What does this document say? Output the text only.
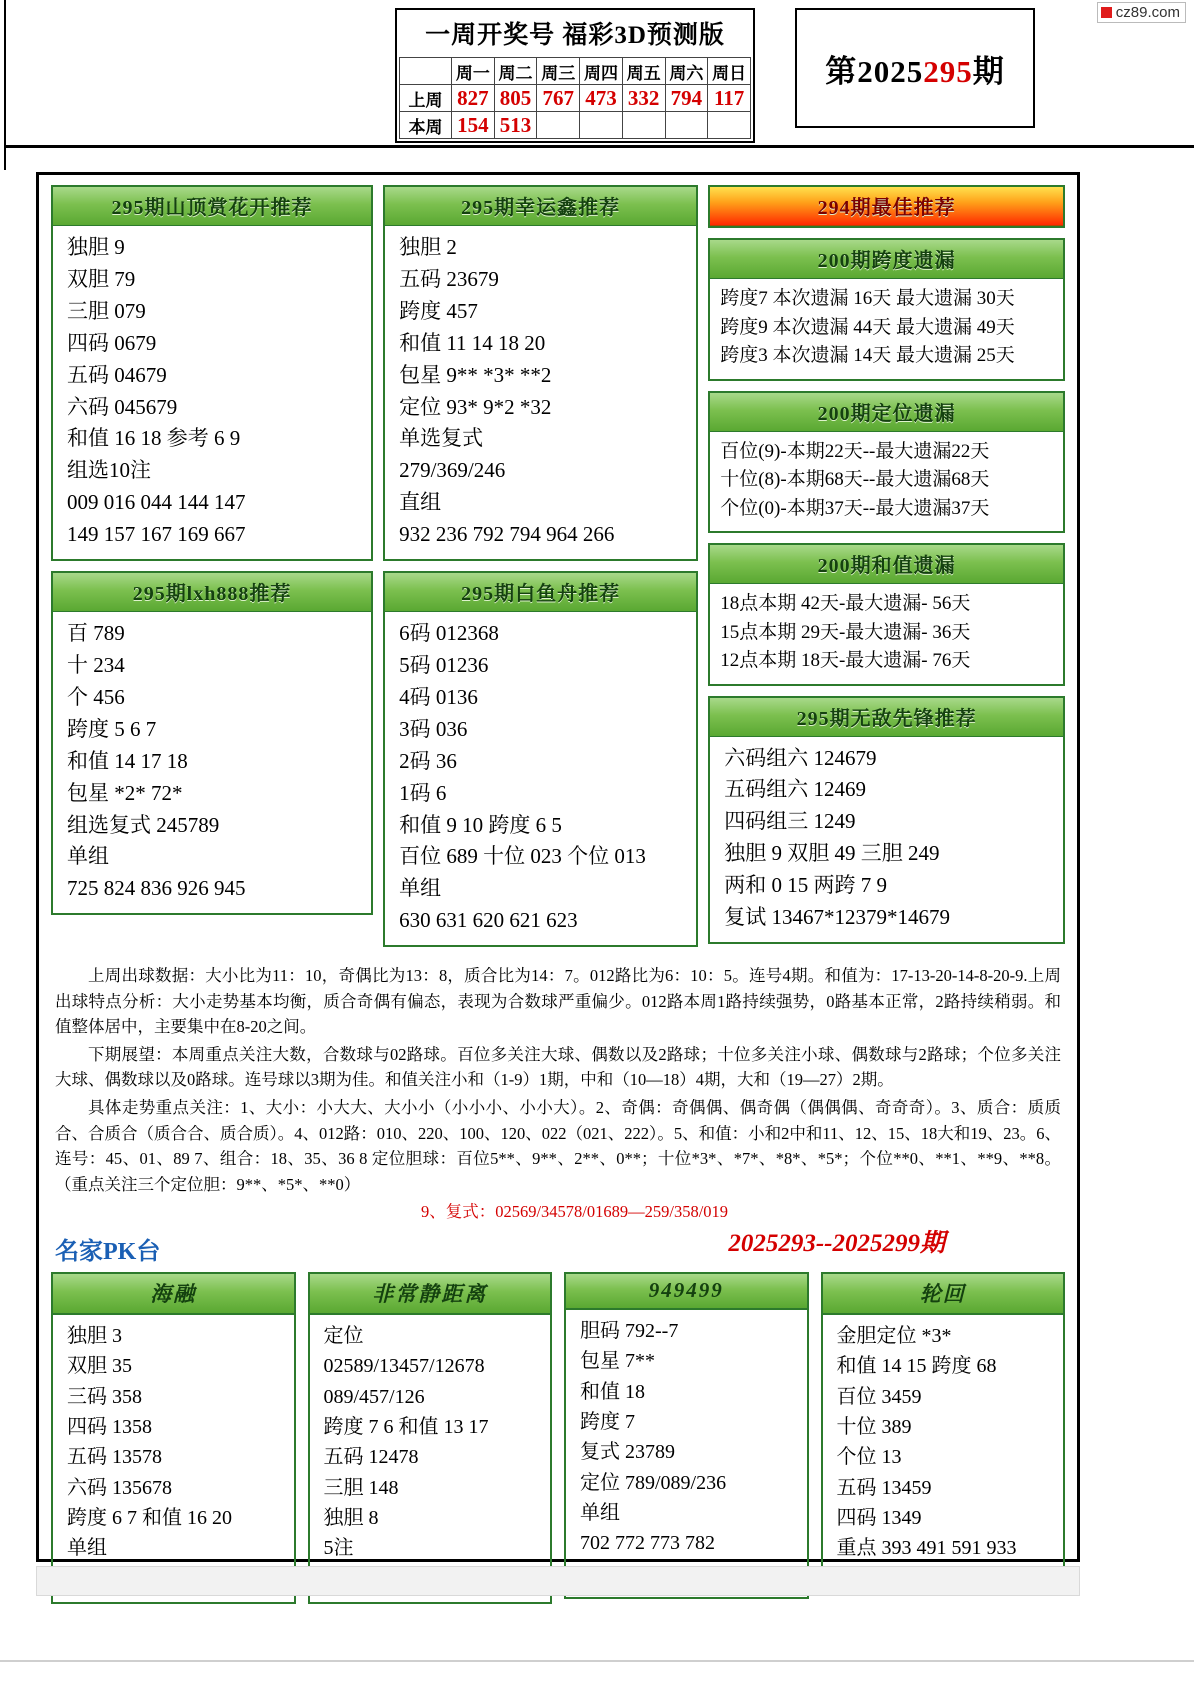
cz89.com
一周开奖号 福彩3D预测版
	周一	周二	周三	周四	周五	周六	周日
上周	827	805	767	473	332	794	117
本周	154	513					
第2025295期
295期山顶赏花开推荐
独胆 9
双胆 79
三胆 079
四码 0679
五码 04679
六码 045679
和值 16 18 参考 6 9
组选10注
009 016 044 144 147
149 157 167 169 667
295期lxh888推荐
百 789
十 234
个 456
跨度 5 6 7
和值 14 17 18
包星 *2* 72*
组选复式 245789
单组
725 824 836 926 945
295期幸运鑫推荐
独胆 2
五码 23679
跨度 457
和值 11 14 18 20
包星 9** *3* **2
定位 93* 9*2 *32
单选复式
279/369/246
直组
932 236 792 794 964 266
295期白鱼舟推荐
6码 012368
5码 01236
4码 0136
3码 036
2码 36
1码 6
和值 9 10 跨度 6 5
百位 689 十位 023 个位 013
单组
630 631 620 621 623
294期最佳推荐
200期跨度遗漏
跨度7 本次遗漏 16天 最大遗漏 30天
跨度9 本次遗漏 44天 最大遗漏 49天
跨度3 本次遗漏 14天 最大遗漏 25天
200期定位遗漏
百位(9)-本期22天--最大遗漏22天
十位(8)-本期68天--最大遗漏68天
个位(0)-本期37天--最大遗漏37天
200期和值遗漏
18点本期 42天-最大遗漏- 56天
15点本期 29天-最大遗漏- 36天
12点本期 18天-最大遗漏- 76天
295期无敌先锋推荐
六码组六 124679
五码组六 12469
四码组三 1249
独胆 9 双胆 49 三胆 249
两和 0 15 两跨 7 9
复试 13467*12379*14679

上周出球数据：大小比为11：10，奇偶比为13：8，质合比为14：7。012路比为6：10：5。连号4期。和值为：17-13-20-14-8-20-9.上周出球特点分析：大小走势基本均衡，质合奇偶有偏态，表现为合数球严重偏少。012路本周1路持续强势，0路基本正常，2路持续稍弱。和值整体居中，主要集中在8-20之间。

下期展望：本周重点关注大数，合数球与02路球。百位多关注大球、偶数以及2路球；十位多关注小球、偶数球与2路球；个位多关注大球、偶数球以及0路球。连号球以3期为佳。和值关注小和（1-9）1期，中和（10—18）4期，大和（19—27）2期。

具体走势重点关注：1、大小：小大大、大小小（小小小、小小大）。2、奇偶：奇偶偶、偶奇偶（偶偶偶、奇奇奇）。3、质合：质质合、合质合（质合合、质合质）。4、012路：010、220、100、120、022（021、222）。5、和值：小和2中和11、12、15、18大和19、23。6、连号：45、01、89 7、组合：18、35、36 8 定位胆球：百位5**、9**、2**、0**；十位*3*、*7*、*8*、*5*；个位**0、**1、**9、**8。（重点关注三个定位胆：9**、*5*、**0）

9、复式：02569/34578/01689—259/358/019

名家PK台	2025293--2025299期
海融
独胆 3
双胆 35
三码 358
四码 1358
五码 13578
六码 135678
跨度 6 7 和值 16 20
单组
非常静距离
定位
02589/13457/12678
089/457/126
跨度 7 6 和值 13 17
五码 12478
三胆 148
独胆 8
5注
949499
胆码 792--7
包星 7**
和值 18
跨度 7
复式 23789
定位 789/089/236
单组
702 772 773 782
轮回
金胆定位 *3*
和值 14 15 跨度 68
百位 3459
十位 389
个位 13
五码 13459
四码 1349
重点 393 491 591 933
